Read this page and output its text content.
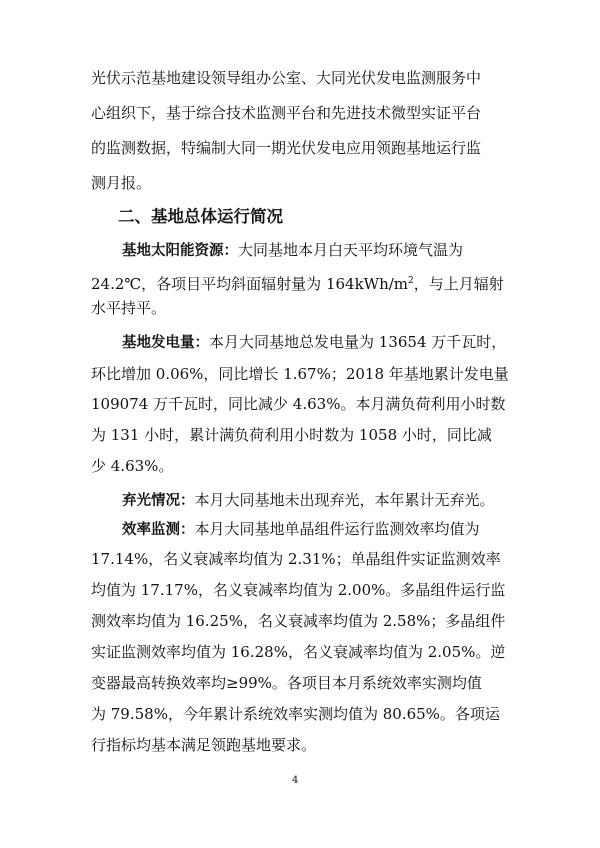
光伏示范基地建设领导组办公室、大同光伏发电监测服务中
心组织下，基于综合技术监测平台和先进技术微型实证平台
的监测数据，特编制大同一期光伏发电应用领跑基地运行监
测月报。
二、基地总体运行简况
基地太阳能资源：大同基地本月白天平均环境气温为
24.2℃，各项目平均斜面辐射量为 $164kWh/m^2$，与上月辐射
水平持平。
基地发电量：本月大同基地总发电量为 13654 万千瓦时，
环比增加 0.06%，同比增长 1.67%；2018 年基地累计发电量
109074 万千瓦时，同比减少 4.63%。本月满负荷利用小时数
为 131 小时，累计满负荷利用小时数为 1058 小时，同比减
少 4.63%。
弃光情况：本月大同基地未出现弃光，本年累计无弃光。
效率监测：本月大同基地单晶组件运行监测效率均值为
17.14%，名义衰减率均值为 2.31%；单晶组件实证监测效率
均值为 17.17%，名义衰减率均值为 2.00%。多晶组件运行监
测效率均值为 16.25%，名义衰减率均值为 2.58%；多晶组件
实证监测效率均值为 16.28%，名义衰减率均值为 2.05%。逆
变器最高转换效率均≥99%。各项目本月系统效率实测均值
为 79.58%，今年累计系统效率实测均值为 80.65%。各项运
行指标均基本满足领跑基地要求。
4
